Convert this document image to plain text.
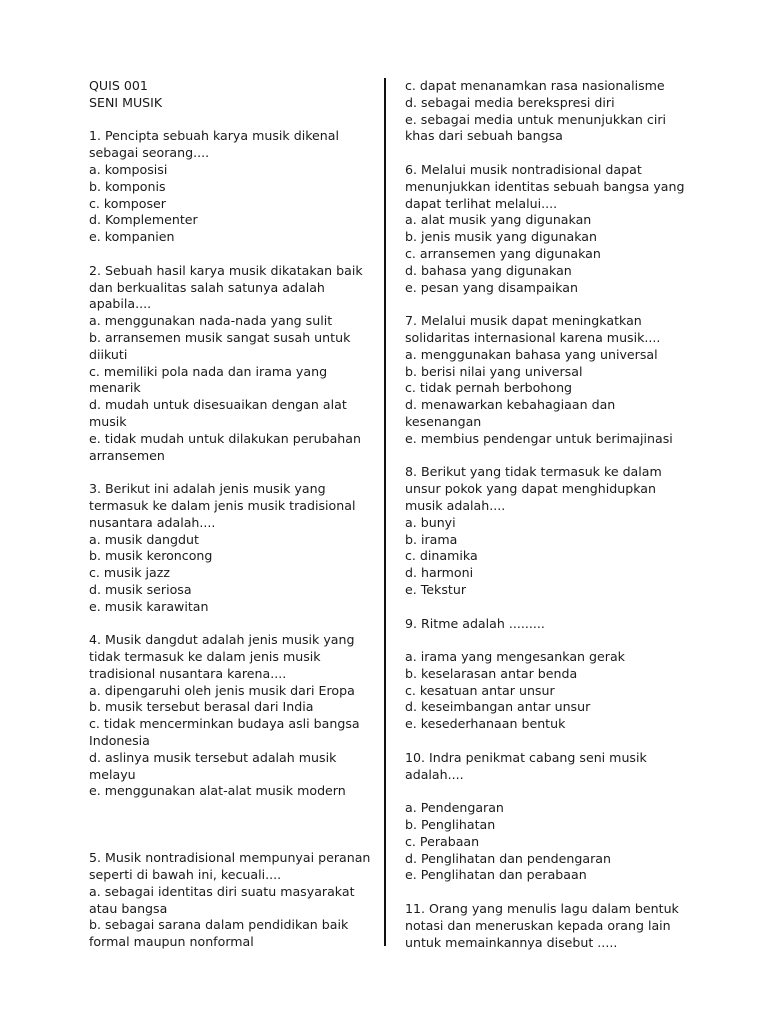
QUIS 001
SENI MUSIK
1. Pencipta sebuah karya musik dikenal
sebagai seorang....
a. komposisi
b. komponis
c. komposer
d. Komplementer
e. kompanien
2. Sebuah hasil karya musik dikatakan baik
dan berkualitas salah satunya adalah
apabila....
a. menggunakan nada-nada yang sulit
b. arransemen musik sangat susah untuk
diikuti
c. memiliki pola nada dan irama yang
menarik
d. mudah untuk disesuaikan dengan alat
musik
e. tidak mudah untuk dilakukan perubahan
arransemen
3. Berikut ini adalah jenis musik yang
termasuk ke dalam jenis musik tradisional
nusantara adalah....
a. musik dangdut
b. musik keroncong
c. musik jazz
d. musik seriosa
e. musik karawitan
4. Musik dangdut adalah jenis musik yang
tidak termasuk ke dalam jenis musik
tradisional nusantara karena....
a. dipengaruhi oleh jenis musik dari Eropa
b. musik tersebut berasal dari India
c. tidak mencerminkan budaya asli bangsa
Indonesia
d. aslinya musik tersebut adalah musik
melayu
e. menggunakan alat-alat musik modern
5. Musik nontradisional mempunyai peranan
seperti di bawah ini, kecuali....
a. sebagai identitas diri suatu masyarakat
atau bangsa
b. sebagai sarana dalam pendidikan baik
formal maupun nonformal
c. dapat menanamkan rasa nasionalisme
d. sebagai media berekspresi diri
e. sebagai media untuk menunjukkan ciri
khas dari sebuah bangsa
6. Melalui musik nontradisional dapat
menunjukkan identitas sebuah bangsa yang
dapat terlihat melalui....
a. alat musik yang digunakan
b. jenis musik yang digunakan
c. arransemen yang digunakan
d. bahasa yang digunakan
e. pesan yang disampaikan
7. Melalui musik dapat meningkatkan
solidaritas internasional karena musik....
a. menggunakan bahasa yang universal
b. berisi nilai yang universal
c. tidak pernah berbohong
d. menawarkan kebahagiaan dan
kesenangan
e. membius pendengar untuk berimajinasi
8. Berikut yang tidak termasuk ke dalam
unsur pokok yang dapat menghidupkan
musik adalah....
a. bunyi
b. irama
c. dinamika
d. harmoni
e. Tekstur
9. Ritme adalah .........
a. irama yang mengesankan gerak
b. keselarasan antar benda
c. kesatuan antar unsur
d. keseimbangan antar unsur
e. kesederhanaan bentuk
10. Indra penikmat cabang seni musik
adalah....
a. Pendengaran
b. Penglihatan
c. Perabaan
d. Penglihatan dan pendengaran
e. Penglihatan dan perabaan
11. Orang yang menulis lagu dalam bentuk
notasi dan meneruskan kepada orang lain
untuk memainkannya disebut .....
